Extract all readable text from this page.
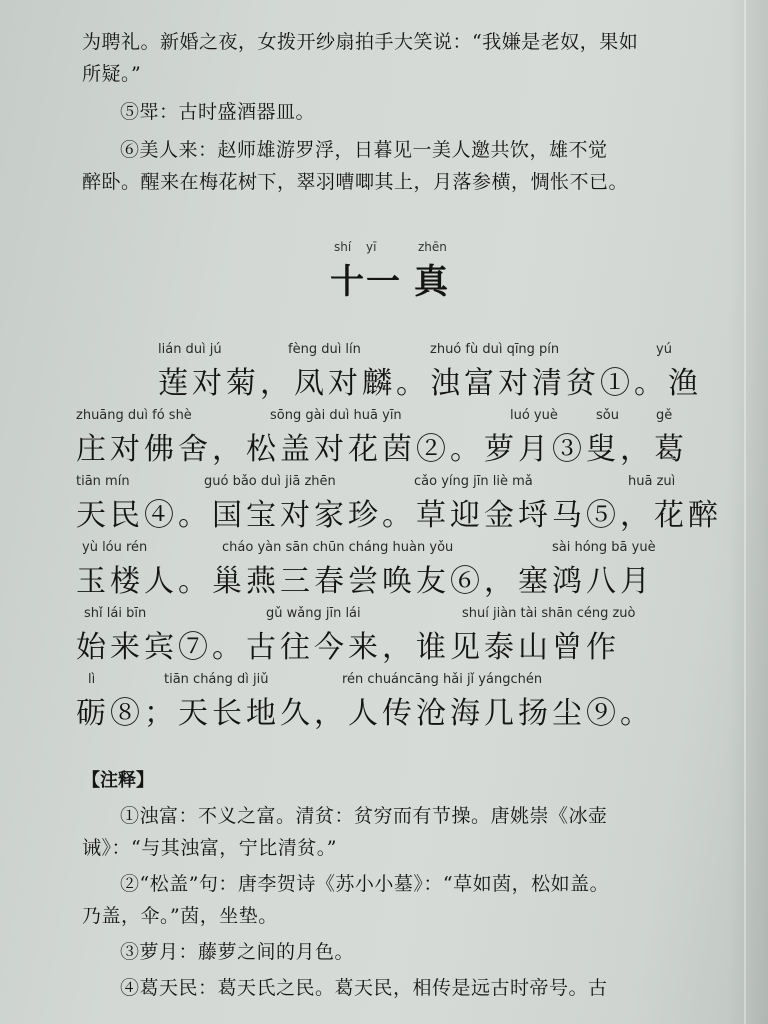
为聘礼。新婚之夜，女拨开纱扇拍手大笑说：“我嫌是老奴，果如

所疑。”

⑤斝：古时盛酒器皿。

⑥美人来：赵师雄游罗浮，日暮见一美人邀共饮，雄不觉

醉卧。醒来在梅花树下，翠羽嘈唧其上，月落参横，惆怅不已。

shí yī	zhēn
十 一 真
lián duì jú	fèng duì lín	zhuó fù duì qīng pín	yú
莲对菊，凤对麟。浊富对清贫①。渔
zhuāng duì fó shè	sōng gài duì huā yīn	luó yuè	sǒu	gě
庄对佛舍，松盖对花茵②。萝月③叟，葛
tiān mín	guó bǎo duì jiā zhēn	cǎo yíng jīn liè mǎ	huā zuì
天民④。国宝对家珍。草迎金埒马⑤，花醉
yù lóu rén	cháo yàn sān chūn cháng huàn yǒu	sài hóng bā yuè
玉楼人。巢燕三春尝唤友⑥，塞鸿八月
shǐ lái bīn	gǔ wǎng jīn lái	shuí jiàn tài shān céng zuò
始来宾⑦。古往今来，谁见泰山曾作
lì	tiān cháng dì jiǔ	rén chuáncāng hǎi jǐ yángchén
砺⑧；天长地久，人传沧海几扬尘⑨。
【注释】

①浊富：不义之富。清贫：贫穷而有节操。唐姚崇《冰壶

诫》：“与其浊富，宁比清贫。”

②“松盖”句：唐李贺诗《苏小小墓》：“草如茵，松如盖。

乃盖，伞。”茵，坐垫。

③萝月：藤萝之间的月色。

④葛天民：葛天氏之民。葛天民，相传是远古时帝号。古
